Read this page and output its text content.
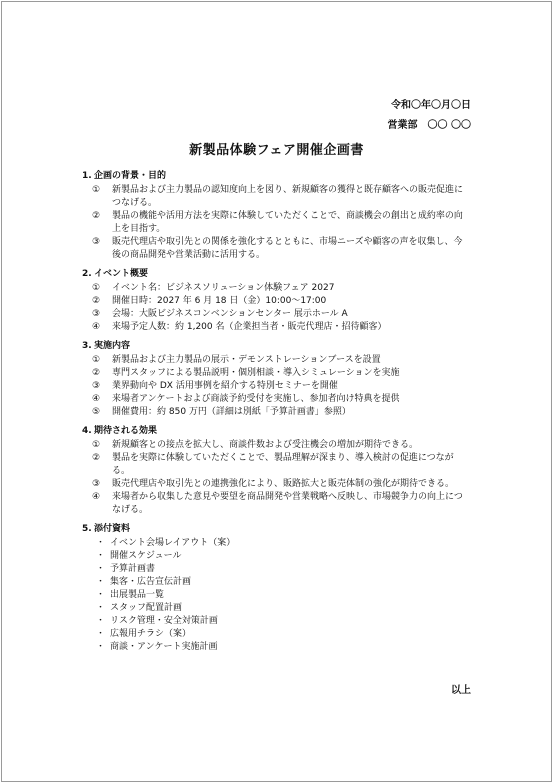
令和〇年〇月〇日
営業部　〇〇 〇〇
新製品体験フェア開催企画書
1. 企画の背景・目的
①	新製品および主力製品の認知度向上を図り、新規顧客の獲得と既存顧客への販売促進につなげる。
②	製品の機能や活用方法を実際に体験していただくことで、商談機会の創出と成約率の向上を目指す。
③	販売代理店や取引先との関係を強化するとともに、市場ニーズや顧客の声を収集し、今後の商品開発や営業活動に活用する。
2. イベント概要
①	イベント名：ビジネスソリューション体験フェア 2027
②	開催日時：2027 年 6 月 18 日（金）10:00～17:00
③	会場：大阪ビジネスコンベンションセンター 展示ホール A
④	来場予定人数：約 1,200 名（企業担当者・販売代理店・招待顧客）
3. 実施内容
①	新製品および主力製品の展示・デモンストレーションブースを設置
②	専門スタッフによる製品説明・個別相談・導入シミュレーションを実施
③	業界動向や DX 活用事例を紹介する特別セミナーを開催
④	来場者アンケートおよび商談予約受付を実施し、参加者向け特典を提供
⑤	開催費用：約 850 万円（詳細は別紙「予算計画書」参照）
4. 期待される効果
①	新規顧客との接点を拡大し、商談件数および受注機会の増加が期待できる。
②	製品を実際に体験していただくことで、製品理解が深まり、導入検討の促進につながる。
③	販売代理店や取引先との連携強化により、販路拡大と販売体制の強化が期待できる。
④	来場者から収集した意見や要望を商品開発や営業戦略へ反映し、市場競争力の向上につなげる。
5. 添付資料
・ イベント会場レイアウト（案）
・ 開催スケジュール
・ 予算計画書
・ 集客・広告宣伝計画
・ 出展製品一覧
・ スタッフ配置計画
・ リスク管理・安全対策計画
・ 広報用チラシ（案）
・ 商談・アンケート実施計画
以上
